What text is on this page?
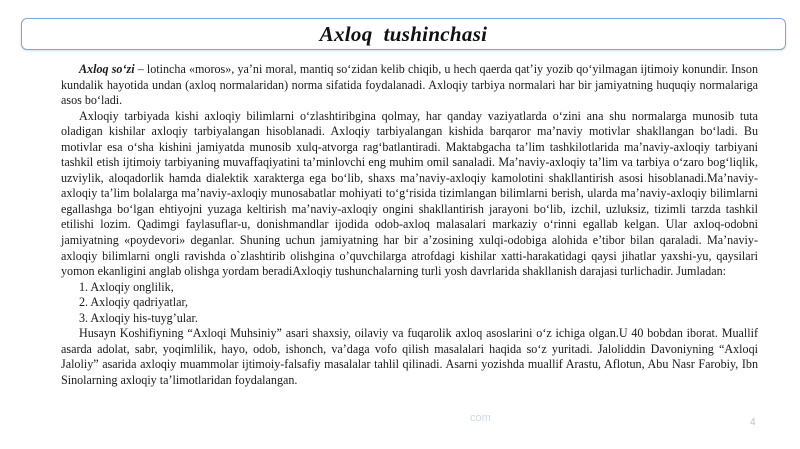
Axloq  tushinchasi

Axloq so‘zi – lotincha «moros», ya’ni moral, mantiq so‘zidan kelib chiqib, u hech qaerda qat’iy yozib qo‘yilmagan ijtimoiy konundir. Inson kundalik hayotida undan (axloq normalaridan) norma sifatida foydalanadi. Axloqiy tarbiya normalari har bir jamiyatning huquqiy normalariga asos bo‘ladi.

Axloqiy tarbiyada kishi axloqiy bilimlarni o‘zlashtiribgina qolmay, har qanday vaziyatlarda o‘zini ana shu normalarga munosib tuta oladigan kishilar axloqiy tarbiyalangan hisoblanadi. Axloqiy tarbiyalangan kishida barqaror ma’naviy motivlar shakllangan bo‘ladi. Bu motivlar esa o‘sha kishini jamiyatda munosib xulq-atvorga rag‘batlantiradi. Maktabgacha ta’lim tashkilotlarida ma’naviy-axloqiy tarbiyani tashkil etish ijtimoiy tarbiyaning muvaffaqiyatini ta’minlovchi eng muhim omil sanaladi. Ma’naviy-axloqiy ta’lim va tarbiya o‘zaro bog‘liqlik, uzviylik, aloqadorlik hamda dialektik xarakterga ega bo‘lib, shaxs ma’naviy-axloqiy kamolotini shakllantirish asosi hisoblanadi.Ma’naviy-axloqiy ta’lim bolalarga ma’naviy-axloqiy munosabatlar mohiyati to‘g‘risida tizimlangan bilimlarni berish, ularda ma’naviy-axloqiy bilimlarni egallashga bo‘lgan ehtiyojni yuzaga keltirish ma’naviy-axloqiy ongini shakllantirish jarayoni bo‘lib, izchil, uzluksiz, tizimli tarzda tashkil etilishi lozim. Qadimgi faylasuflar-u, donishmandlar ijodida odob-axloq malasalari markaziy o‘rinni egallab kelgan. Ular axloq-odobni jamiyatning «poydevori» deganlar. Shuning uchun jamiyatning har bir a’zosining xulqi-odobiga alohida e’tibor bilan qaraladi. Ma’naviy- axloqiy bilimlarni ongli ravishda o`zlashtirib olishgina o’quvchilarga atrofdagi kishilar xatti-harakatidagi qaysi jihatlar yaxshi-yu, qaysilari yomon ekanligini anglab olishga yordam beradiAxloqiy tushunchalarning turli yosh davrlarida shakllanish darajasi turlichadir. Jumladan:

1. Axloqiy onglilik,

2. Axloqiy qadriyatlar,

3. Axloqiy his-tuyg’ular.

Husayn Koshifiyning “Axloqi Muhsiniy” asari shaxsiy, oilaviy va fuqarolik axloq asoslarini o‘z ichiga olgan.U 40 bobdan iborat. Muallif asarda adolat, sabr, yoqimlilik, hayo, odob, ishonch, va’daga vofo qilish masalalari haqida so‘z yuritadi. Jaloliddin Davoniyning “Axloqi Jaloliy” asarida axloqiy muammolar ijtimoiy-falsafiy masalalar tahlil qilinadi. Asarni yozishda muallif Arastu, Aflotun, Abu Nasr Farobiy, Ibn Sinolarning axloqiy ta’limotlaridan foydalangan.

com	4
